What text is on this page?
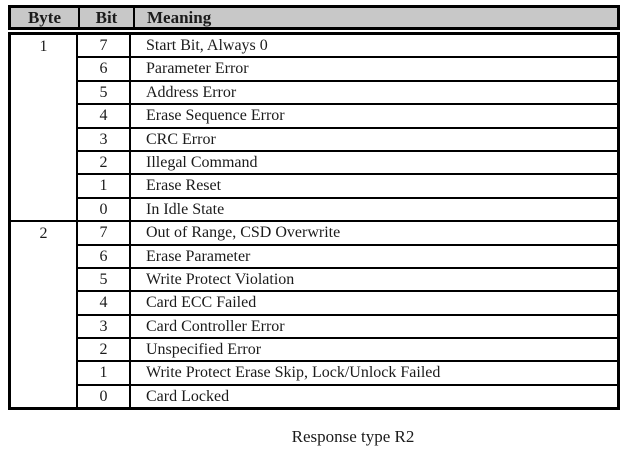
Byte	Bit	Meaning
1	7	Start Bit, Always 0
6	Parameter Error
5	Address Error
4	Erase Sequence Error
3	CRC Error
2	Illegal Command
1	Erase Reset
0	In Idle State
2	7	Out of Range, CSD Overwrite
6	Erase Parameter
5	Write Protect Violation
4	Card ECC Failed
3	Card Controller Error
2	Unspecified Error
1	Write Protect Erase Skip, Lock/Unlock Failed
0	Card Locked
Response type R2
